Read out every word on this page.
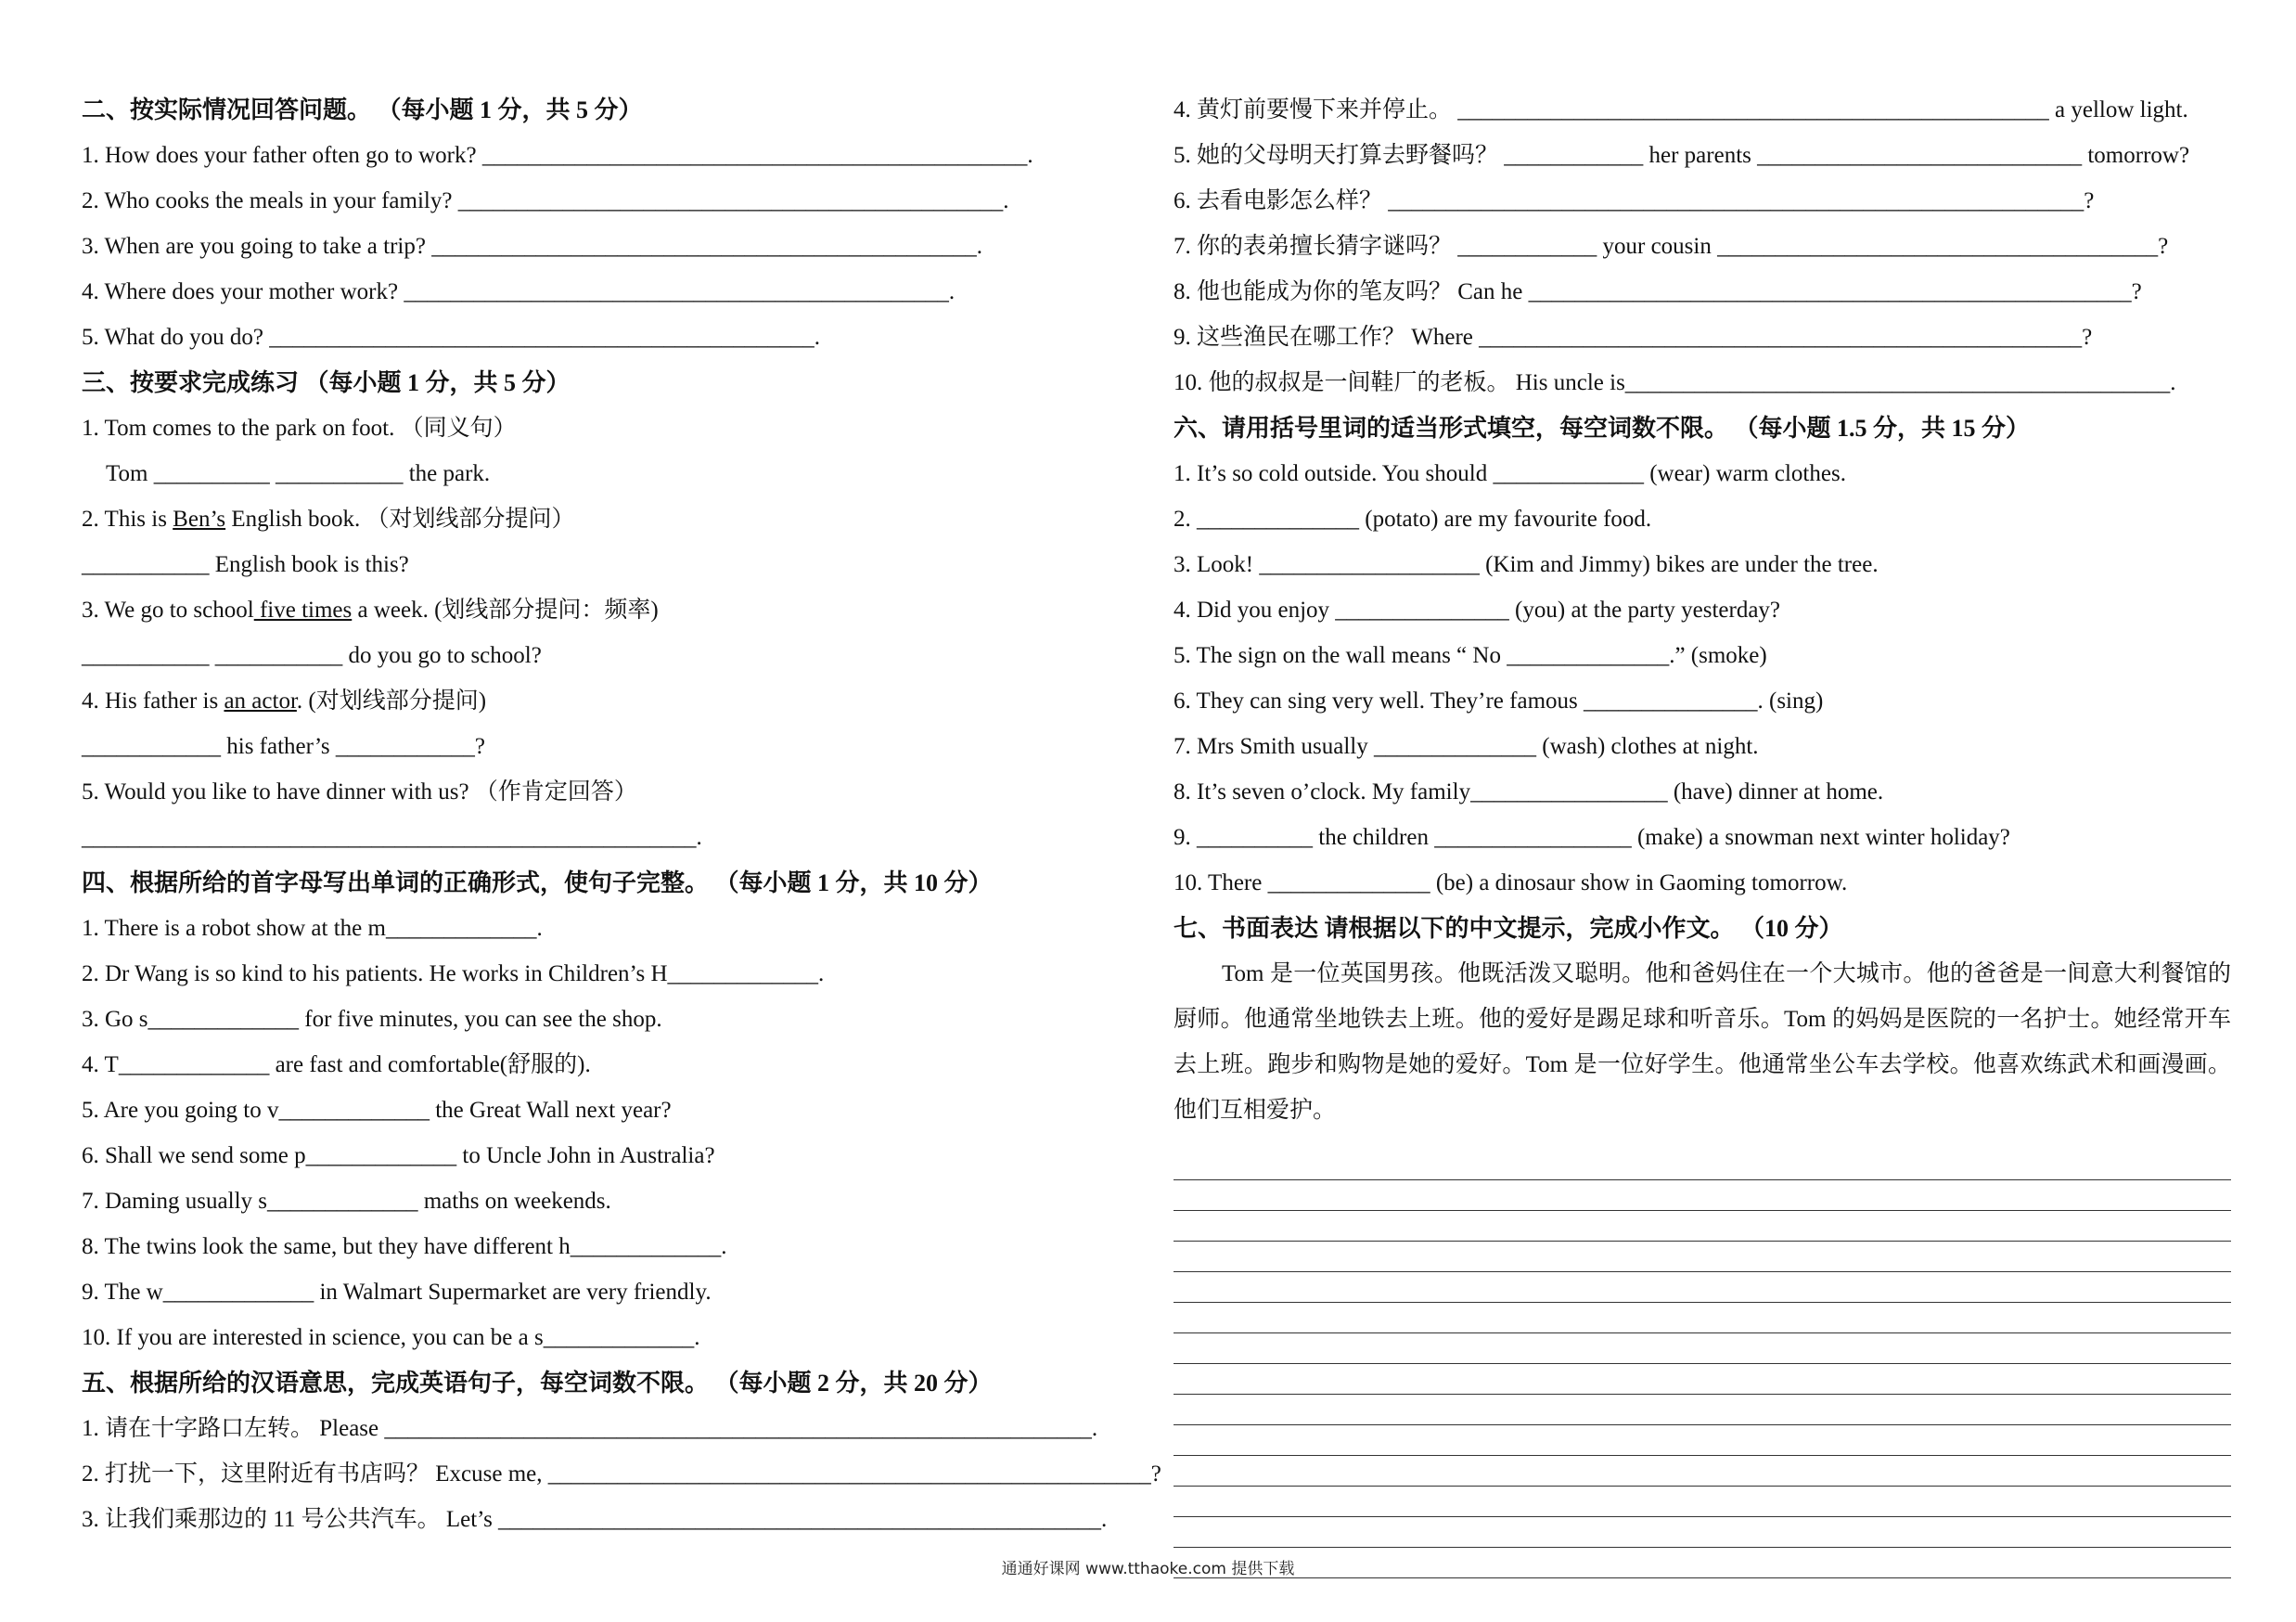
二、按实际情况回答问题。 （每小题 1 分，共 5 分）
1. How does your father often go to work? _______________________________________________.
2. Who cooks the meals in your family? _______________________________________________.
3. When are you going to take a trip? _______________________________________________.
4. Where does your mother work? _______________________________________________.
5. What do you do? _______________________________________________.
三、按要求完成练习 （每小题 1 分，共 5 分）
1. Tom comes to the park on foot. （同义句）
Tom __________ ___________ the park.
2. This is Ben’s English book. （对划线部分提问）
___________ English book is this?
3. We go to school five times a week. (划线部分提问：频率)
___________ ___________ do you go to school?
4. His father is an actor. (对划线部分提问)
____________ his father’s ____________?
5. Would you like to have dinner with us? （作肯定回答）
_____________________________________________________.
四、根据所给的首字母写出单词的正确形式，使句子完整。 （每小题 1 分，共 10 分）
1. There is a robot show at the m_____________.
2. Dr Wang is so kind to his patients. He works in Children’s H_____________.
3. Go s_____________ for five minutes, you can see the shop.
4. T_____________ are fast and comfortable(舒服的).
5. Are you going to v_____________ the Great Wall next year?
6. Shall we send some p_____________ to Uncle John in Australia?
7. Daming usually s_____________ maths on weekends.
8. The twins look the same, but they have different h_____________.
9. The w_____________ in Walmart Supermarket are very friendly.
10. If you are interested in science, you can be a s_____________.
五、根据所给的汉语意思，完成英语句子，每空词数不限。 （每小题 2 分，共 20 分）
1. 请在十字路口左转。 Please _____________________________________________________________.
2. 打扰一下，这里附近有书店吗？ Excuse me, ____________________________________________________?
3. 让我们乘那边的 11 号公共汽车。 Let’s ____________________________________________________.
4. 黄灯前要慢下来并停止。 ___________________________________________________ a yellow light.
5. 她的父母明天打算去野餐吗？ ____________ her parents ____________________________ tomorrow?
6. 去看电影怎么样？ ____________________________________________________________?
7. 你的表弟擅长猜字谜吗？ ____________ your cousin ______________________________________?
8. 他也能成为你的笔友吗？ Can he ____________________________________________________?
9. 这些渔民在哪工作？ Where ____________________________________________________?
10. 他的叔叔是一间鞋厂的老板。 His uncle is_______________________________________________.
六、请用括号里词的适当形式填空，每空词数不限。 （每小题 1.5 分，共 15 分）
1. It’s so cold outside. You should _____________ (wear) warm clothes.
2. ______________ (potato) are my favourite food.
3. Look! ___________________ (Kim and Jimmy) bikes are under the tree.
4. Did you enjoy _______________ (you) at the party yesterday?
5. The sign on the wall means “ No ______________.” (smoke)
6. They can sing very well. They’re famous _______________. (sing)
7. Mrs Smith usually ______________ (wash) clothes at night.
8. It’s seven o’clock. My family_________________ (have) dinner at home.
9. __________ the children _________________ (make) a snowman next winter holiday?
10. There ______________ (be) a dinosaur show in Gaoming tomorrow.
七、书面表达 请根据以下的中文提示，完成小作文。 （10 分）
Tom 是一位英国男孩。他既活泼又聪明。他和爸妈住在一个大城市。他的爸爸是一间意大利餐馆的厨师。他通常坐地铁去上班。他的爱好是踢足球和听音乐。Tom 的妈妈是医院的一名护士。她经常开车去上班。跑步和购物是她的爱好。Tom 是一位好学生。他通常坐公车去学校。他喜欢练武术和画漫画。他们互相爱护。
通通好课网 www.tthaoke.com 提供下载
